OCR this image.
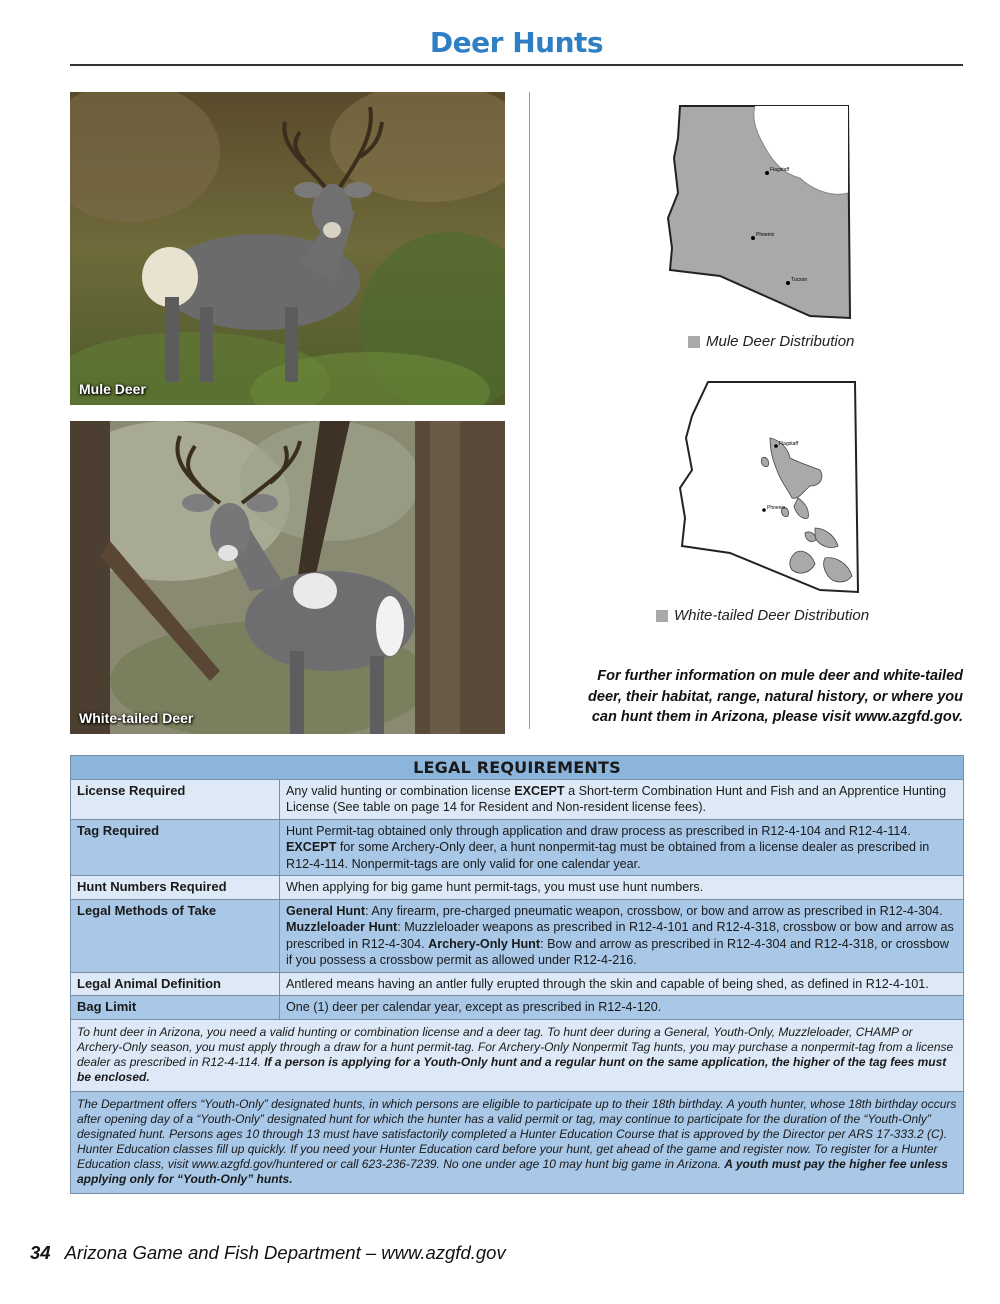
Deer Hunts
Mule Deer
White-tailed Deer
Flagstaff
Phoenix
Tucson
Mule Deer Distribution
Flagstaff
Phoenix
White-tailed Deer Distribution
For further information on mule deer and white-tailed
deer, their habitat, range, natural history, or where you
can hunt them in Arizona, please visit www.azgfd.gov.
LEGAL REQUIREMENTS	
License Required	Any valid hunting or combination license EXCEPT a Short-term Combination Hunt and Fish and an Apprentice Hunting License (See table on page 14 for Resident and Non-resident license fees).
Tag Required	Hunt Permit-tag obtained only through application and draw process as prescribed in R12-4-104 and R12-4-114. EXCEPT for some Archery-Only deer, a hunt nonpermit-tag must be obtained from a license dealer as prescribed in R12-4-114. Nonpermit-tags are only valid for one calendar year.
Hunt Numbers Required	When applying for big game hunt permit-tags, you must use hunt numbers.
Legal Methods of Take	General Hunt: Any firearm, pre-charged pneumatic weapon, crossbow, or bow and arrow as prescribed in R12-4-304. Muzzleloader Hunt: Muzzleloader weapons as prescribed in R12-4-101 and R12-4-318, crossbow or bow and arrow as prescribed in R12-4-304. Archery-Only Hunt: Bow and arrow as prescribed in R12-4-304 and R12-4-318, or crossbow if you possess a crossbow permit as allowed under R12-4-216.
Legal Animal Definition	Antlered means having an antler fully erupted through the skin and capable of being shed, as defined in R12-4-101.
Bag Limit	One (1) deer per calendar year, except as prescribed in R12-4-120.
To hunt deer in Arizona, you need a valid hunting or combination license and a deer tag. To hunt deer during a General, Youth-Only, Muzzleloader, CHAMP or Archery-Only season, you must apply through a draw for a hunt permit-tag. For Archery-Only Nonpermit Tag hunts, you may purchase a nonpermit-tag from a license dealer as prescribed in R12-4-114. If a person is applying for a Youth-Only hunt and a regular hunt on the same application, the higher of the tag fees must be enclosed.	
The Department offers “Youth-Only” designated hunts, in which persons are eligible to participate up to their 18th birthday. A youth hunter, whose 18th birthday occurs after opening day of a “Youth-Only” designated hunt for which the hunter has a valid permit or tag, may continue to participate for the duration of the “Youth-Only” designated hunt. Persons ages 10 through 13 must have satisfactorily completed a Hunter Education Course that is approved by the Director per ARS 17-333.2 (C). Hunter Education classes fill up quickly. If you need your Hunter Education card before your hunt, get ahead of the game and register now. To register for a Hunter Education class, visit www.azgfd.gov/huntered or call 623-236-7239. No one under age 10 may hunt big game in Arizona. A youth must pay the higher fee unless applying only for “Youth-Only” hunts.	
34 Arizona Game and Fish Department – www.azgfd.gov
